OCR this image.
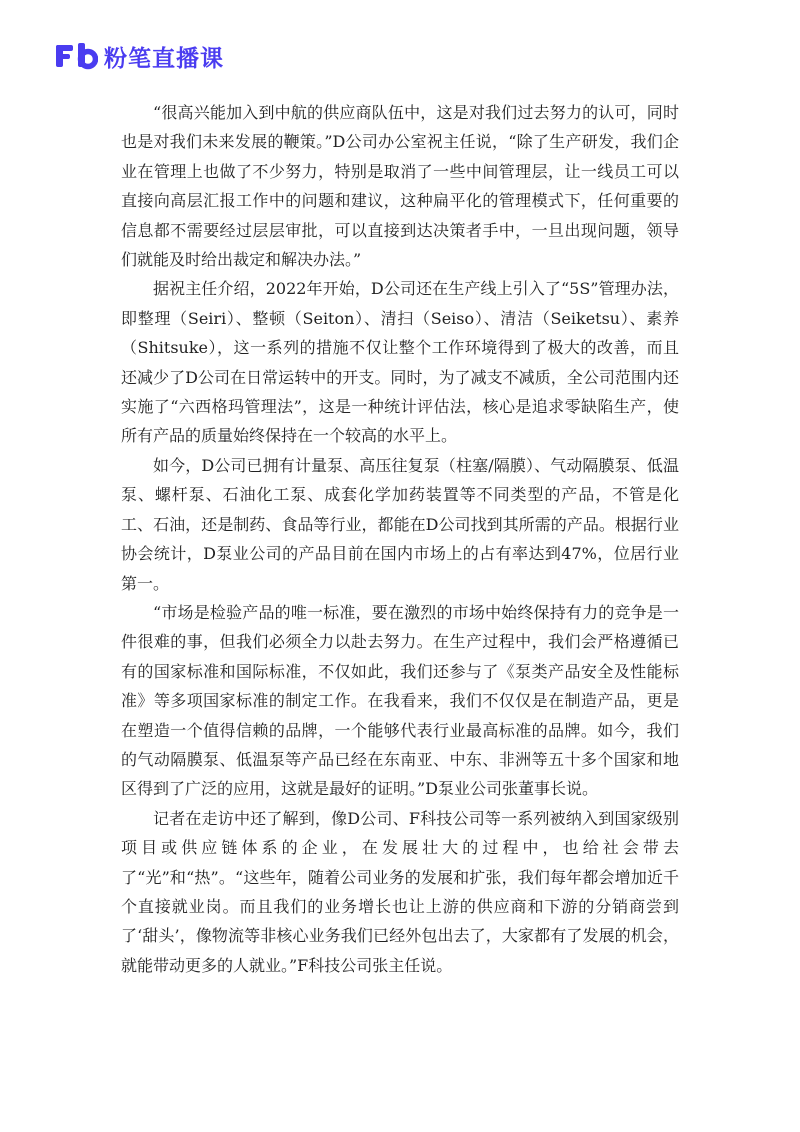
粉笔直播课

“很高兴能加入到中航的供应商队伍中，这是对我们过去努力的认可，同时也是对我们未来发展的鞭策。”D公司办公室祝主任说，“除了生产研发，我们企业在管理上也做了不少努力，特别是取消了一些中间管理层，让一线员工可以直接向高层汇报工作中的问题和建议，这种扁平化的管理模式下，任何重要的信息都不需要经过层层审批，可以直接到达决策者手中，一旦出现问题，领导们就能及时给出裁定和解决办法。”

据祝主任介绍，2022年开始，D公司还在生产线上引入了“5S”管理办法，即整理（Seiri）、整顿（Seiton）、清扫（Seiso）、清洁（Seiketsu）、素养（Shitsuke），这一系列的措施不仅让整个工作环境得到了极大的改善，而且还减少了D公司在日常运转中的开支。同时，为了减支不减质，全公司范围内还实施了“六西格玛管理法”，这是一种统计评估法，核心是追求零缺陷生产，使所有产品的质量始终保持在一个较高的水平上。

如今，D公司已拥有计量泵、高压往复泵（柱塞/隔膜）、气动隔膜泵、低温泵、螺杆泵、石油化工泵、成套化学加药装置等不同类型的产品，不管是化工、石油，还是制药、食品等行业，都能在D公司找到其所需的产品。根据行业协会统计，D泵业公司的产品目前在国内市场上的占有率达到47%，位居行业第一。

“市场是检验产品的唯一标准，要在激烈的市场中始终保持有力的竞争是一件很难的事，但我们必须全力以赴去努力。在生产过程中，我们会严格遵循已有的国家标准和国际标准，不仅如此，我们还参与了《泵类产品安全及性能标准》等多项国家标准的制定工作。在我看来，我们不仅仅是在制造产品，更是在塑造一个值得信赖的品牌，一个能够代表行业最高标准的品牌。如今，我们的气动隔膜泵、低温泵等产品已经在东南亚、中东、非洲等五十多个国家和地区得到了广泛的应用，这就是最好的证明。”D泵业公司张董事长说。

记者在走访中还了解到，像D公司、F科技公司等一系列被纳入到国家级别项目或供应链体系的企业，在发展壮大的过程中，也给社会带去了“光”和“热”。“这些年，随着公司业务的发展和扩张，我们每年都会增加近千个直接就业岗。而且我们的业务增长也让上游的供应商和下游的分销商尝到了‘甜头’，像物流等非核心业务我们已经外包出去了，大家都有了发展的机会，就能带动更多的人就业。”F科技公司张主任说。
